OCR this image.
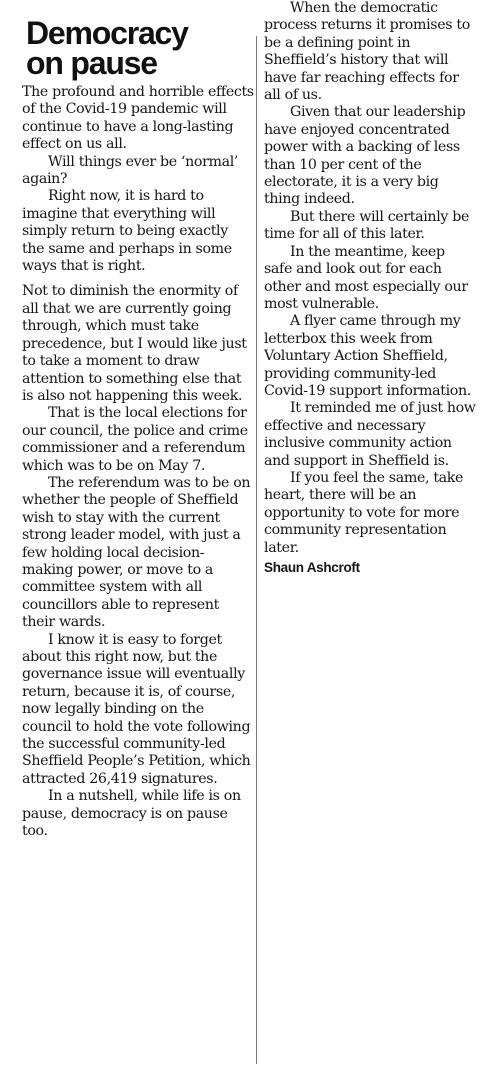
Democracy
on pause

The profound and horrible effects of the Covid-19 pandemic will continue to have a long-lasting effect on us all.

Will things ever be ‘normal’ again?

Right now, it is hard to imagine that everything will simply return to being exactly the same and perhaps in some ways that is right.

Not to diminish the enormity of all that we are currently going through, which must take precedence, but I would like just to take a moment to draw attention to something else that is also not happening this week.

That is the local elections for our council, the police and crime commissioner and a referendum which was to be on May 7.

The referendum was to be on whether the people of Sheffield wish to stay with the current strong leader model, with just a few holding local decision-making power, or move to a committee system with all councillors able to represent their wards.

I know it is easy to forget about this right now, but the governance issue will eventually return, because it is, of course, now legally binding on the council to hold the vote following the successful community-led Sheffield People’s Petition, which attracted 26,419 signatures.

In a nutshell, while life is on pause, democracy is on pause too.

When the democratic process returns it promises to be a defining point in Sheffield’s history that will have far reaching effects for all of us.

Given that our leadership have enjoyed concentrated power with a backing of less than 10 per cent of the electorate, it is a very big thing indeed.

But there will certainly be time for all of this later.

In the meantime, keep safe and look out for each other and most especially our most vulnerable.

A flyer came through my letterbox this week from Voluntary Action Sheffield, providing community-led Covid-19 support information.

It reminded me of just how effective and necessary inclusive community action and support in Sheffield is.

If you feel the same, take heart, there will be an opportunity to vote for more community representation later.

Shaun Ashcroft
